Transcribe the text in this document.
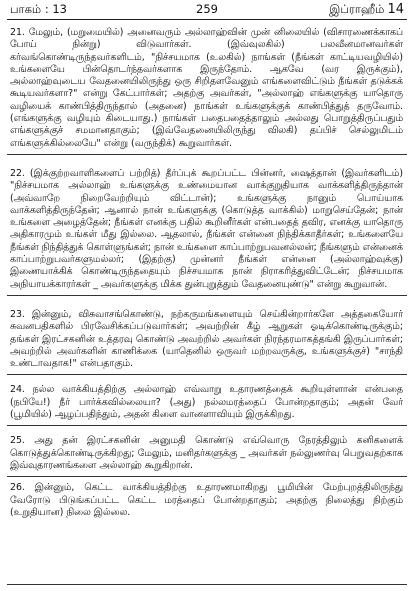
பாகம் : 13	259	இப்ராஹீம் 14

21. மேலும், (மறுமையில்) அனைவரும் அல்லாஹ்வின் முன் னிலையில் (விசாரணைக்காகப் போய் நின்று) விடுவார்கள். (இவ்வுலகில்) பலவீனமானவர்கள் கர்வங்கொண்டிருந்தவர்களிடம், "நிச்சயமாக (உலகில்) நாங்கள் (நீங்கள் காட்டியவழியில்) உங்களையே பின்தொடர்ந்தவர்களாக இருந்தோம். ஆகவே (வர இருக்கும்), அல்லாஹ்வுடைய வேதனையிலிருந்து ஒரு சிறிதளவேனும் எங்களைவிட்டும் நீங்கள் தடுக்கக் கூடியவர்களா?" என்று கேட்பார்கள்; அதற்கு அவர்கள், "அல்லாஹ் எங்களுக்கு யாதொரு வழியைக் காண்பித்திருந்தால் (அதனை) நாங்கள் உங்களுக்குக் காண்பித்துத் தருவோம். (எங்களுக்கு வழியும் கிடையாது.) நாங்கள் பதைபதைத்தாலும் அல்லது பொறுத்திருப்பதும் எங்களுக்குச் சமமானதாகும்; (இவ்வேதனையிலிருந்து விலகி) தப்பிச் செல்லுமிடம் எங்களுக்கில்லையே" என்று (வருந்திக்) கூறுவார்கள்.

22. (இக்குற்றவாளிகளைப் பற்றித்) தீர்ப்புக் கூறப்பட்ட பின்னர், ஷைத்தான் (இவர்களிடம்) "நிச்சயமாக அல்லாஹ் உங்களுக்கு உண்மையான வாக்குறுதியாக வாக்களித்திருந்தான் (அவ்வாறே நிறைவேற்றியும் விட்டான்); உங்களுக்கு நானும் பொய்யாக வாக்களித்திருந்தேன்; ஆனால் நான் உங்களுக்கு (கொடுத்த வாக்கில்) மாறுசெய்தேன்; நான் உங்களை அழைத்தேன்; நீங்கள் எனக்கு பதில் கூறினீர்கள் என்பதைத் தவிர, எனக்கு யாதொரு அதிகாரமும் உங்கள் மீது இல்லை. ஆதலால், நீங்கள் என்னை நிந்திக்காதீர்கள்; உங்களையே நீங்கள் நிந்தித்துக் கொள்ளுங்கள்; நான் உங்களை காப்பாற்றுபவனல்லன்; நீங்களும் என்னைக் காப்பாற்றுபவர்களுமல்லர்; (இதற்கு) முன்னர் நீங்கள் என்னை (அல்லாஹ்வுக்கு) இணையாக்கிக் கொண்டிருந்ததையும் நிச்சயமாக நான் நிராகரித்துவிட்டேன்; நிச்சயமாக அநியாயக்காரர்கள் _ அவர்களுக்கு மிக்க துன்புறுத்தும் வேதனையுண்டு" என்று கூறுவான்.

23. இன்னும், விசுவாசங்கொண்டு, நற்கருமங்களையும் செய்கின்றார்களே அத்தகையோர் சுவனபதிகளில் பிரவேசிக்கப்படுவார்கள்; அவற்றின் கீழ் ஆறுகள் ஓடிக்கொண்டிருக்கும்; தங்கள் இரட்சகனின் உத்தரவு கொண்டு அவற்றில் அவர்கள் நிரந்தரமாகத்தங்கி இருப்பார்கள்; அவற்றில் அவர்களின் காணிக்கை (யாதெனில் ஒருவர் மற்றவருக்கு, உங்களுக்குச்) "சாந்தி உண்டாவதாக!" என்பதாகும்.

24. நல்ல வாக்கியத்திற்கு அல்லாஹ் எவ்வாறு உதாரணத்தைக் கூறியுள்ளான் என்பதை (நபியே!) நீர் பார்க்கவில்லையா? (அது) நல்லமரத்தைப் போன்றதாகும்; அதன் வேர் (பூமியில்) ஆழப்பதிந்தும், அதன் கிளை வானளாவியும் இருக்கிறது.

25. அது தன் இரட்சகனின் அனுமதி கொண்டு எவ்வொரு நேரத்திலும் கனிகளைக் கொடுத்துக்கொண்டிருக்கிறது; மேலும், மனிதர்களுக்கு _ அவர்கள் நல்லுணர்வு பெறுவதற்காக இவ்வுதாரணங்களை அல்லாஹ் கூறுகிறான்.

26. இன்னும், கெட்ட வாக்கியத்திற்கு உதாரணமாகிறது பூமியின் மேற்புறத்திலிருந்து வேரோடு பிடுங்கப்பட்ட கெட்ட மரத்தைப் போன்றதாகும்; அதற்கு நிலைத்து நிற்கும் (உறுதியான) நிலை இல்லை.
